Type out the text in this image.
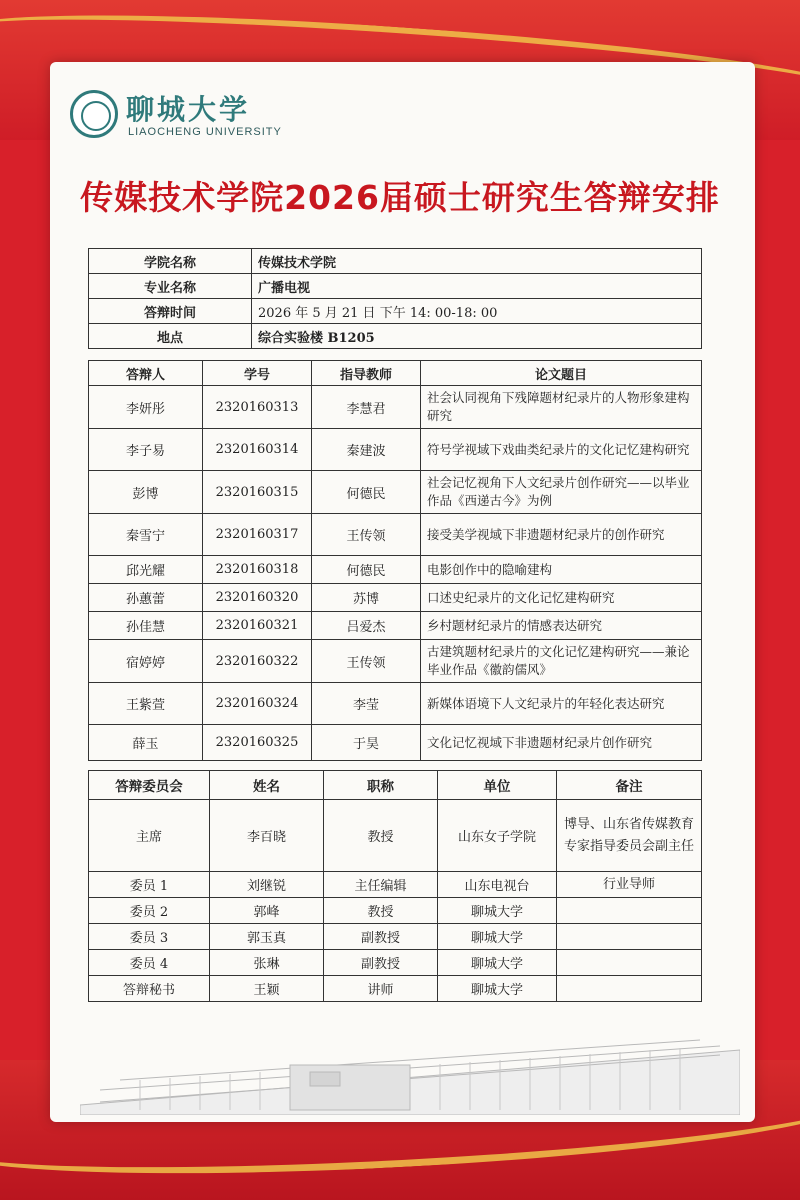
聊城大学
LIAOCHENG UNIVERSITY
传媒技术学院2026届硕士研究生答辩安排
学院名称	传媒技术学院
专业名称	广播电视
答辩时间	2026 年 5 月 21 日 下午 14: 00-18: 00
地点	综合实验楼 B1205
答辩人	学号	指导教师	论文题目
李妍彤	2320160313	李慧君	社会认同视角下残障题材纪录片的人物形象建构研究
李子易	2320160314	秦建波	符号学视域下戏曲类纪录片的文化记忆建构研究
彭博	2320160315	何德民	社会记忆视角下人文纪录片创作研究——以毕业作品《西递古今》为例
秦雪宁	2320160317	王传领	接受美学视域下非遗题材纪录片的创作研究
邱光耀	2320160318	何德民	电影创作中的隐喻建构
孙蕙蕾	2320160320	苏博	口述史纪录片的文化记忆建构研究
孙佳慧	2320160321	吕爱杰	乡村题材纪录片的情感表达研究
宿婷婷	2320160322	王传领	古建筑题材纪录片的文化记忆建构研究——兼论毕业作品《徽韵儒风》
王紫萱	2320160324	李莹	新媒体语境下人文纪录片的年轻化表达研究
薛玉	2320160325	于昊	文化记忆视域下非遗题材纪录片创作研究
答辩委员会	姓名	职称	单位	备注
主席	李百晓	教授	山东女子学院	博导、山东省传媒教育专家指导委员会副主任
委员 1	刘继锐	主任编辑	山东电视台	行业导师
委员 2	郭峰	教授	聊城大学	
委员 3	郭玉真	副教授	聊城大学	
委员 4	张琳	副教授	聊城大学	
答辩秘书	王颖	讲师	聊城大学	
